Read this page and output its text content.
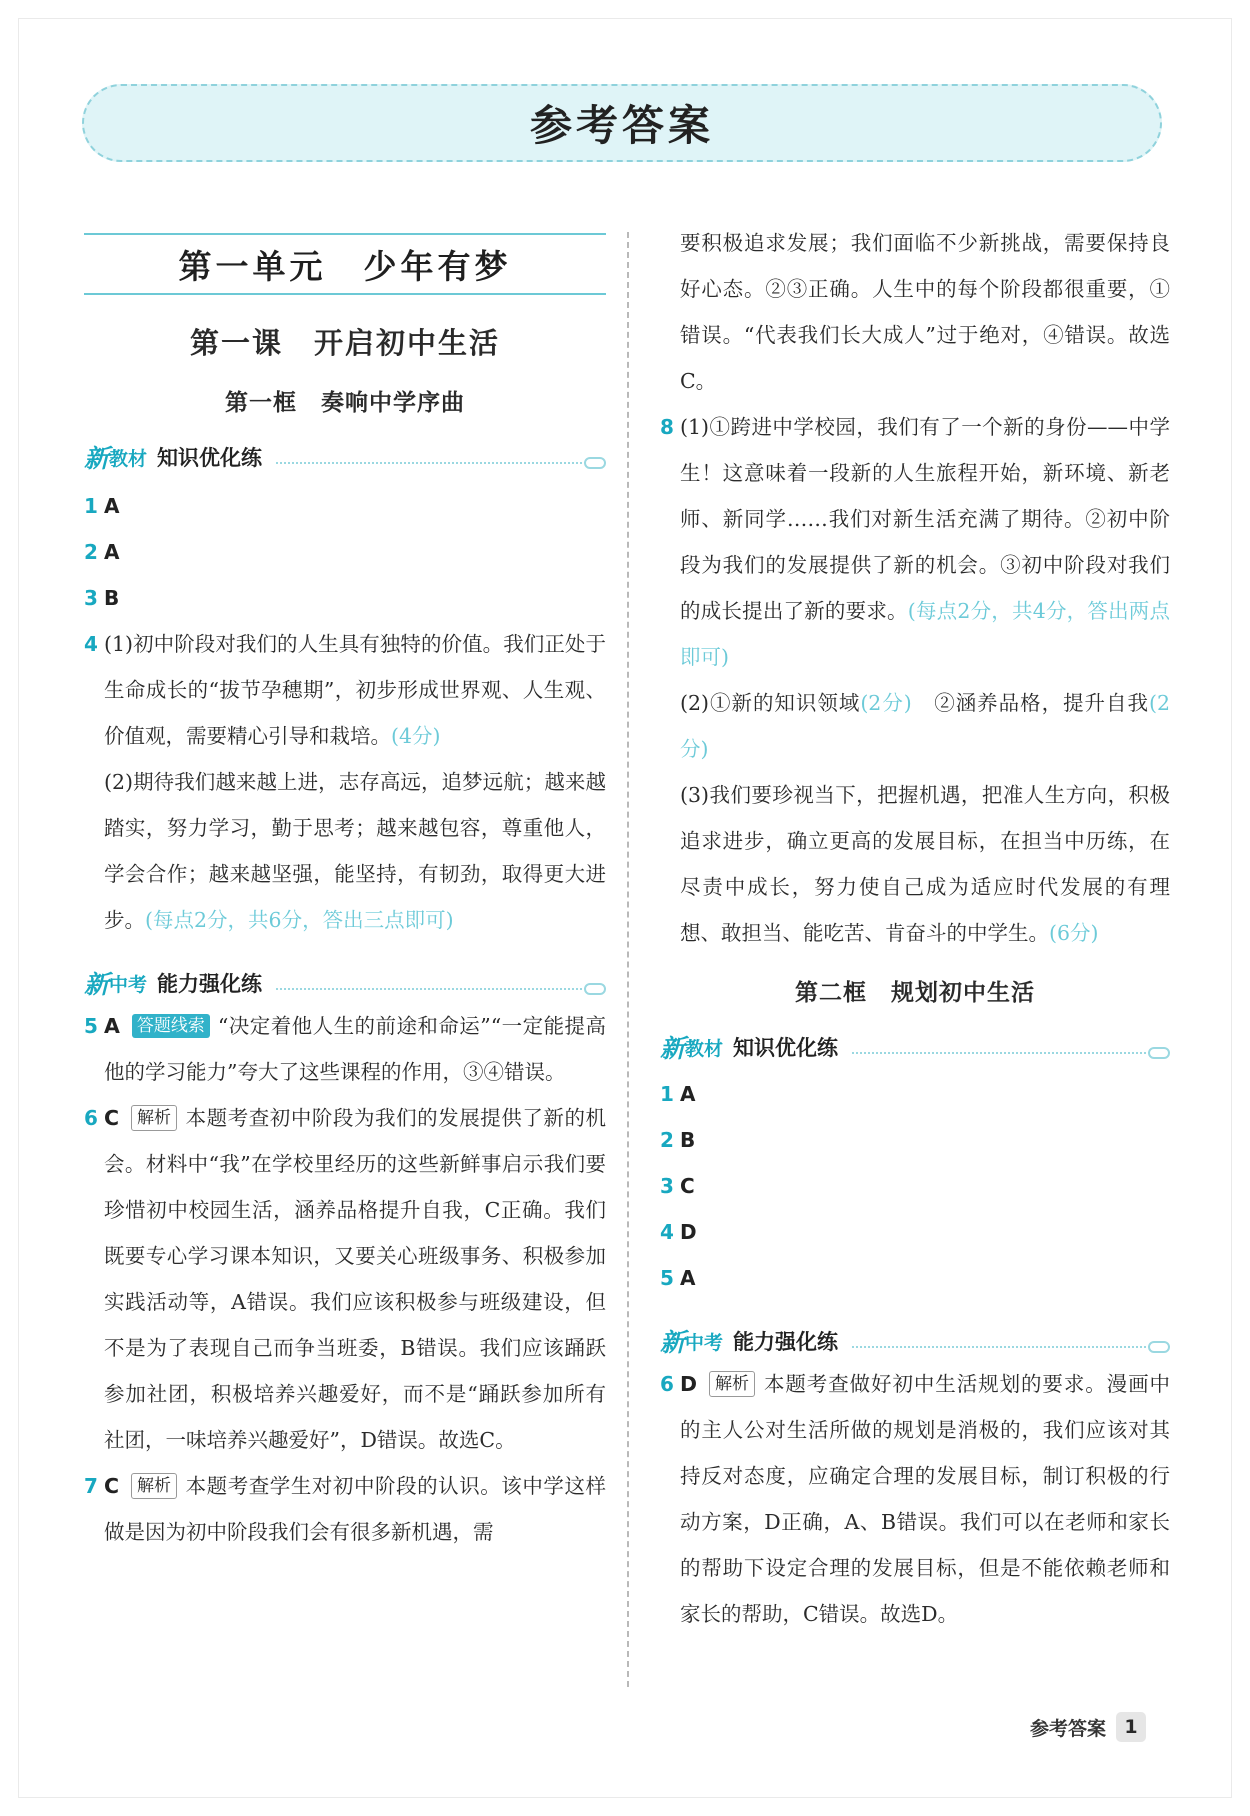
参考答案
第一单元　少年有梦
第一课　开启初中生活
第一框　奏响中学序曲
新 教材 知识优化练
1 A
2 A
3 B
4 (1)初中阶段对我们的人生具有独特的价值。我们正处于生命成长的“拔节孕穗期”，初步形成世界观、人生观、价值观，需要精心引导和栽培。(4分)
(2)期待我们越来越上进，志存高远，追梦远航；越来越踏实，努力学习，勤于思考；越来越包容，尊重他人，学会合作；越来越坚强，能坚持，有韧劲，取得更大进步。(每点2分，共6分，答出三点即可)
新 中考 能力强化练
5 A 答题线索 “决定着他人生的前途和命运”“一定能提高他的学习能力”夸大了这些课程的作用，③④错误。
6 C 解析 本题考查初中阶段为我们的发展提供了新的机会。材料中“我”在学校里经历的这些新鲜事启示我们要珍惜初中校园生活，涵养品格提升自我，C正确。我们既要专心学习课本知识，又要关心班级事务、积极参加实践活动等，A错误。我们应该积极参与班级建设，但不是为了表现自己而争当班委，B错误。我们应该踊跃参加社团，积极培养兴趣爱好，而不是“踊跃参加所有社团，一味培养兴趣爱好”，D错误。故选C。
7 C 解析 本题考查学生对初中阶段的认识。该中学这样做是因为初中阶段我们会有很多新机遇，需
要积极追求发展；我们面临不少新挑战，需要保持良好心态。②③正确。人生中的每个阶段都很重要，①错误。“代表我们长大成人”过于绝对，④错误。故选C。
8 (1)①跨进中学校园，我们有了一个新的身份——中学生！这意味着一段新的人生旅程开始，新环境、新老师、新同学……我们对新生活充满了期待。②初中阶段为我们的发展提供了新的机会。③初中阶段对我们的成长提出了新的要求。(每点2分，共4分，答出两点即可)
(2)①新的知识领域(2分)　②涵养品格，提升自我(2分)
(3)我们要珍视当下，把握机遇，把准人生方向，积极追求进步，确立更高的发展目标，在担当中历练，在尽责中成长，努力使自己成为适应时代发展的有理想、敢担当、能吃苦、肯奋斗的中学生。(6分)
第二框　规划初中生活
新 教材 知识优化练
1 A
2 B
3 C
4 D
5 A
新 中考 能力强化练
6 D 解析 本题考查做好初中生活规划的要求。漫画中的主人公对生活所做的规划是消极的，我们应该对其持反对态度，应确定合理的发展目标，制订积极的行动方案，D正确，A、B错误。我们可以在老师和家长的帮助下设定合理的发展目标，但是不能依赖老师和家长的帮助，C错误。故选D。
参考答案 1
